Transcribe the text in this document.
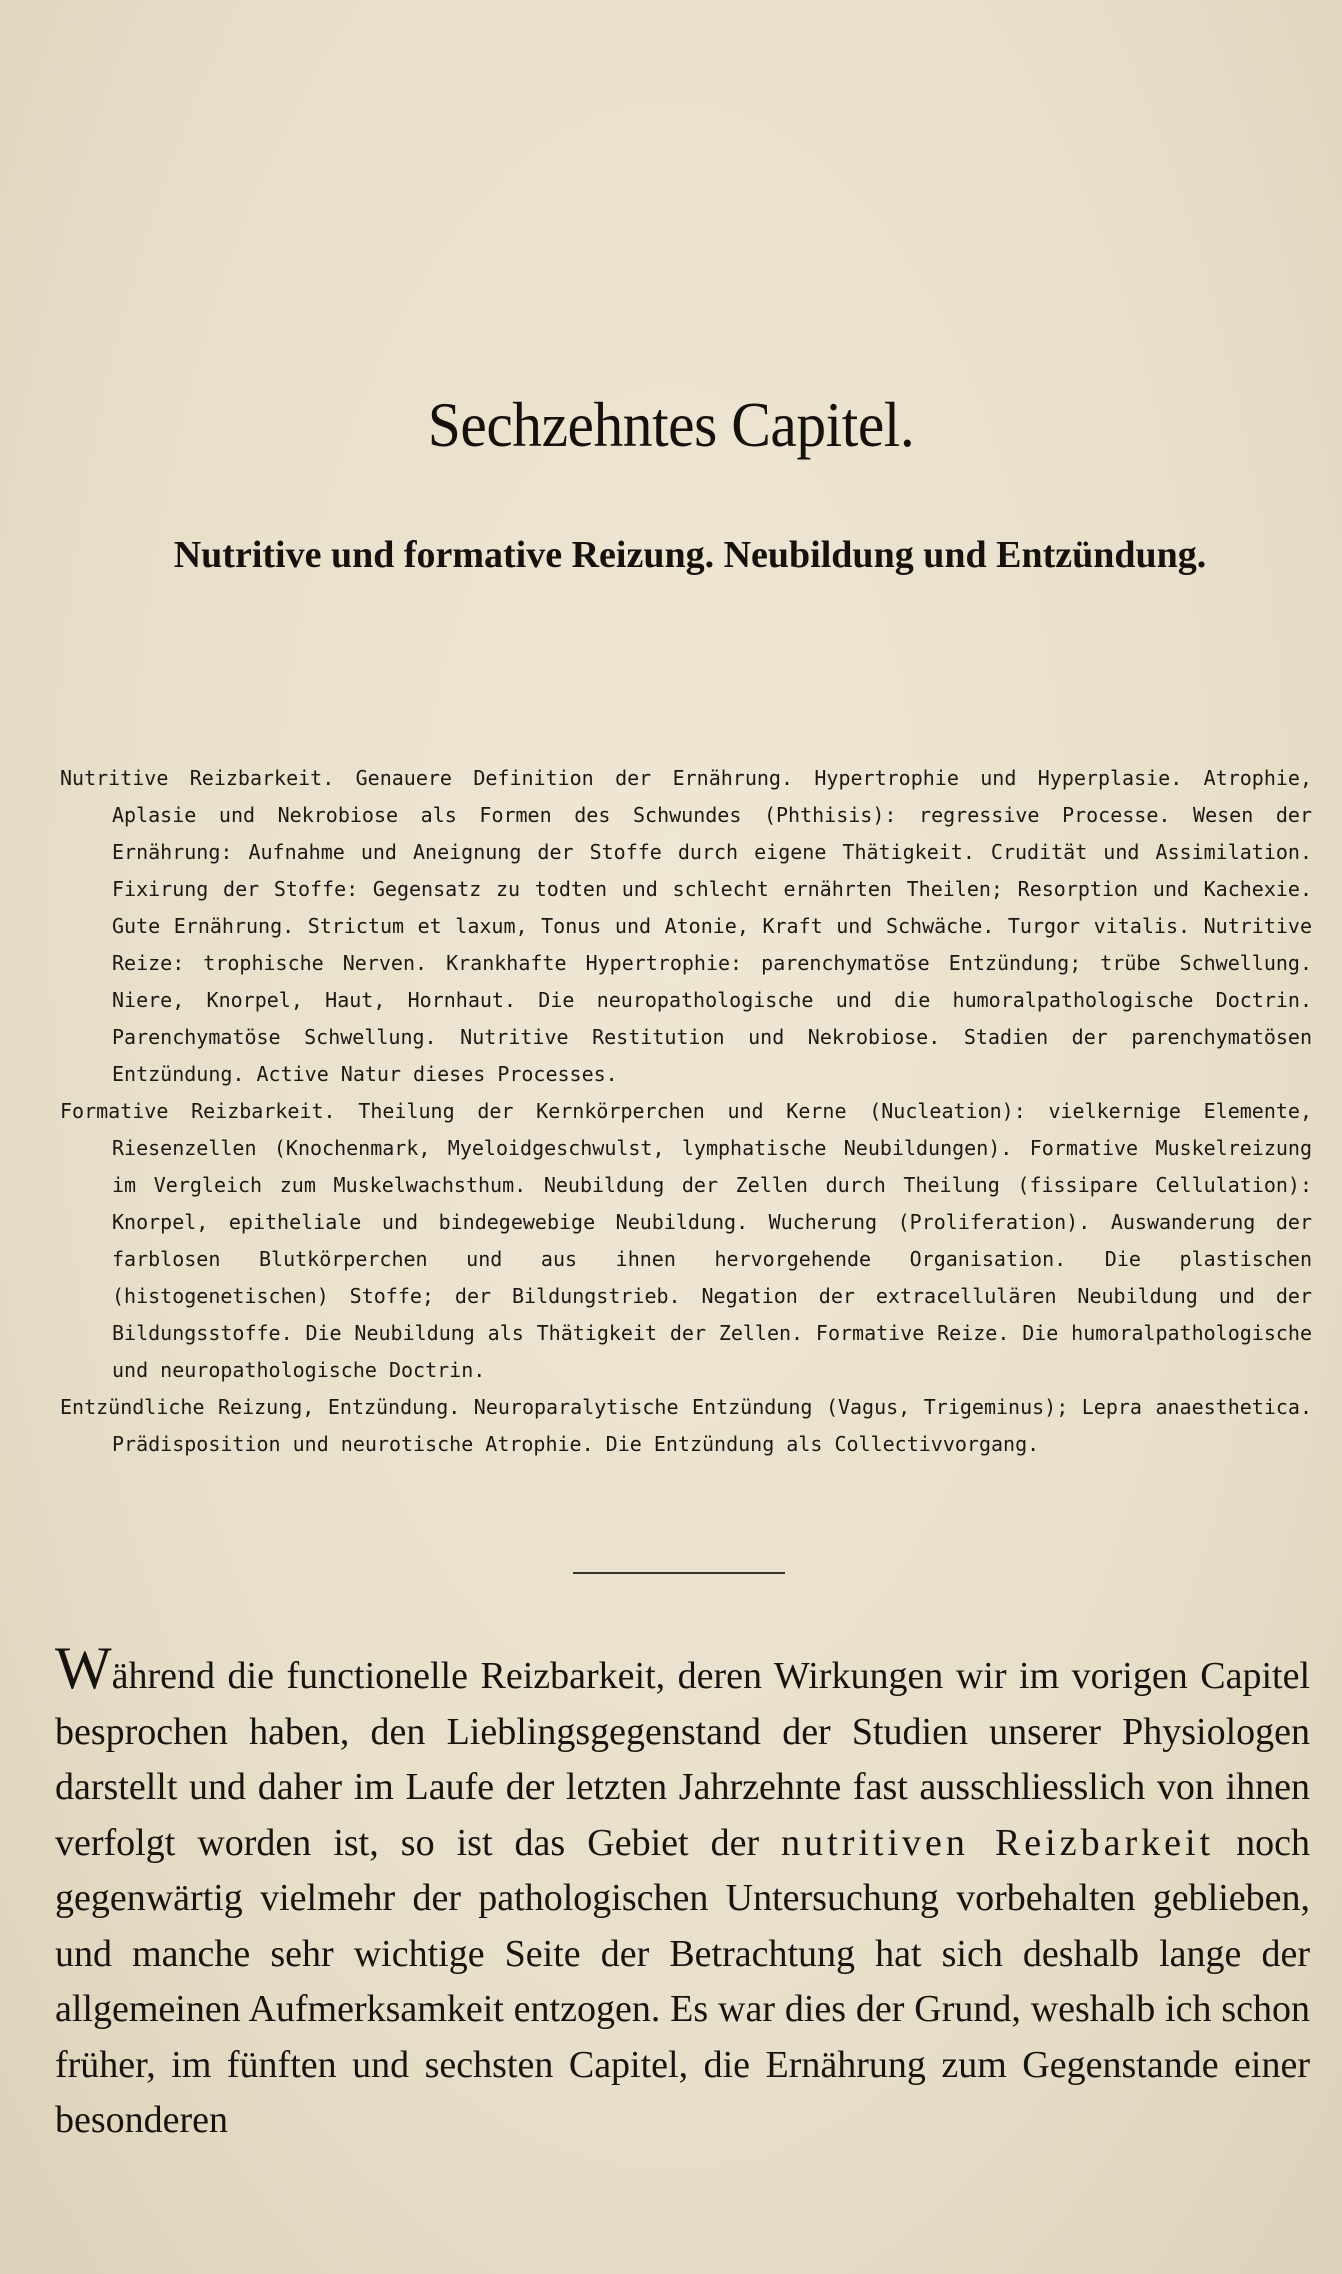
Sechzehntes Capitel.
Nutritive und formative Reizung. Neubildung und Entzündung.

Nutritive Reizbarkeit. Genauere Definition der Ernährung. Hypertrophie und Hyperplasie. Atrophie, Aplasie und Nekrobiose als Formen des Schwundes (Phthisis): regressive Processe. Wesen der Ernährung: Aufnahme und Aneignung der Stoffe durch eigene Thätigkeit. Crudität und Assimilation. Fixirung der Stoffe: Gegensatz zu todten und schlecht ernährten Theilen; Resorption und Kachexie. Gute Ernährung. Strictum et laxum, Tonus und Atonie, Kraft und Schwäche. Turgor vitalis. Nutritive Reize: trophische Nerven. Krankhafte Hypertrophie: parenchymatöse Entzündung; trübe Schwellung. Niere, Knorpel, Haut, Hornhaut. Die neuropathologische und die humoralpathologische Doctrin. Parenchymatöse Schwellung. Nutritive Restitution und Nekrobiose. Stadien der parenchymatösen Entzündung. Active Natur dieses Processes.

Formative Reizbarkeit. Theilung der Kernkörperchen und Kerne (Nucleation): vielkernige Elemente, Riesenzellen (Knochenmark, Myeloidgeschwulst, lymphatische Neubildungen). Formative Muskelreizung im Vergleich zum Muskelwachsthum. Neubildung der Zellen durch Theilung (fissipare Cellulation): Knorpel, epitheliale und bindegewebige Neubildung. Wucherung (Proliferation). Auswanderung der farblosen Blutkörperchen und aus ihnen hervorgehende Organisation. Die plastischen (histogenetischen) Stoffe; der Bildungstrieb. Negation der extracellulären Neubildung und der Bildungsstoffe. Die Neubildung als Thätigkeit der Zellen. Formative Reize. Die humoralpathologische und neuropathologische Doctrin.

Entzündliche Reizung, Entzündung. Neuroparalytische Entzündung (Vagus, Trigeminus); Lepra anaesthetica. Prädisposition und neurotische Atrophie. Die Entzündung als Collectivvorgang.

Während die functionelle Reizbarkeit, deren Wirkungen wir im vorigen Capitel besprochen haben, den Lieblingsgegenstand der Studien unserer Physiologen darstellt und daher im Laufe der letzten Jahrzehnte fast ausschliesslich von ihnen verfolgt worden ist, so ist das Gebiet der nutritiven Reizbarkeit noch gegenwärtig vielmehr der pathologischen Untersuchung vorbehalten geblieben, und manche sehr wichtige Seite der Betrachtung hat sich deshalb lange der allgemeinen Aufmerksamkeit entzogen. Es war dies der Grund, weshalb ich schon früher, im fünften und sechsten Capitel, die Ernährung zum Gegenstande einer besonderen
